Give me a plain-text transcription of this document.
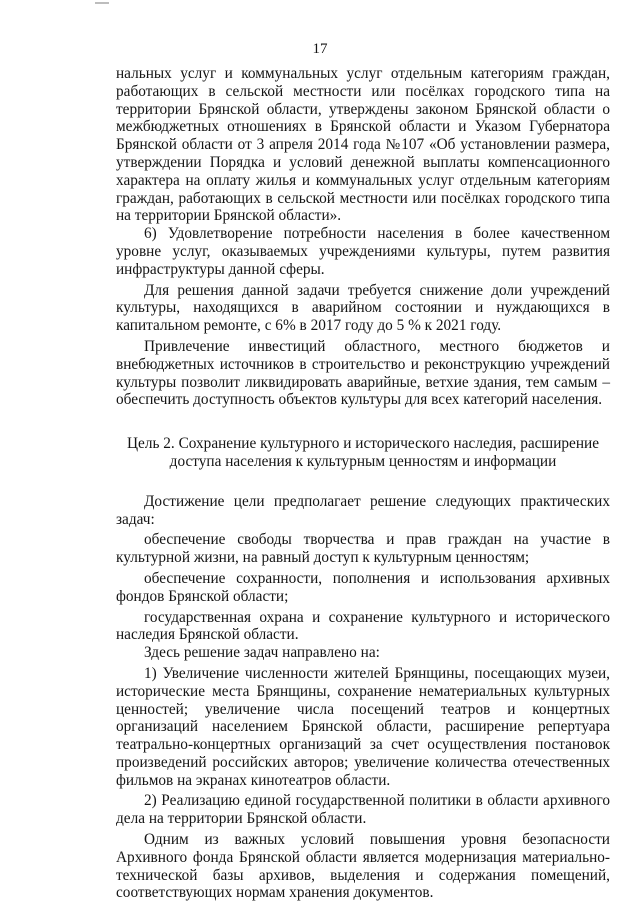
17

нальных услуг и коммунальных услуг отдельным категориям граждан, работающих в сельской местности или посёлках городского типа на территории Брянской области, утверждены законом Брянской области о межбюджетных отношениях в Брянской области и Указом Губернатора Брянской области от 3 апреля 2014 года №107 «Об установлении размера, утверждении Порядка и условий денежной выплаты компенсационного характера на оплату жилья и коммунальных услуг отдельным категориям граждан, работающих в сельской местности или посёлках городского типа на территории Брянской области».

6) Удовлетворение потребности населения в более качественном уровне услуг, оказываемых учреждениями культуры, путем развития инфраструктуры данной сферы.

Для решения данной задачи требуется снижение доли учреждений культуры, находящихся в аварийном состоянии и нуждающихся в капитальном ремонте, с 6% в 2017 году до 5 % к 2021 году.

Привлечение инвестиций областного, местного бюджетов и внебюджетных источников в строительство и реконструкцию учреждений культуры позволит ликвидировать аварийные, ветхие здания, тем самым – обеспечить доступность объектов культуры для всех категорий населения.

Цель 2. Сохранение культурного и исторического наследия, расширение
доступа населения к культурным ценностям и информации

Достижение цели предполагает решение следующих практических задач:

обеспечение свободы творчества и прав граждан на участие в культурной жизни, на равный доступ к культурным ценностям;

обеспечение сохранности, пополнения и использования архивных фондов Брянской области;

государственная охрана и сохранение культурного и исторического наследия Брянской области.

Здесь решение задач направлено на:

1) Увеличение численности жителей Брянщины, посещающих музеи, исторические места Брянщины, сохранение нематериальных культурных ценностей; увеличение числа посещений театров и концертных организаций населением Брянской области, расширение репертуара театрально-концертных организаций за счет осуществления постановок произведений российских авторов; увеличение количества отечественных фильмов на экранах кинотеатров области.

2) Реализацию единой государственной политики в области архивного дела на территории Брянской области.

Одним из важных условий повышения уровня безопасности Архивного фонда Брянской области является модернизация материально-технической базы архивов, выделения и содержания помещений, соответствующих нормам хранения документов.
